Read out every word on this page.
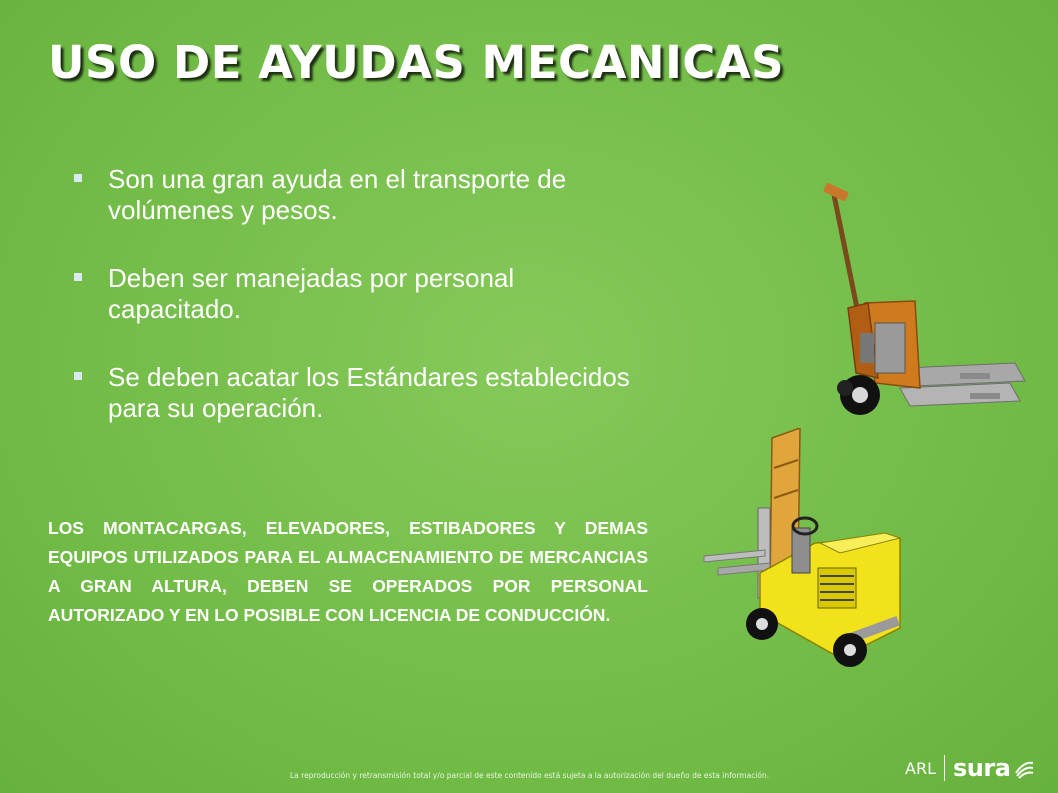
USO DE AYUDAS MECANICAS
Son una gran ayuda en el transporte de volúmenes y pesos.
Deben ser manejadas por personal capacitado.
Se deben acatar los Estándares establecidos para su operación.

LOS MONTACARGAS, ELEVADORES, ESTIBADORES Y DEMAS EQUIPOS UTILIZADOS PARA EL ALMACENAMIENTO DE MERCANCIAS A GRAN ALTURA, DEBEN SE OPERADOS POR PERSONAL AUTORIZADO Y EN LO POSIBLE CON LICENCIA DE CONDUCCIÓN.

La reproducción y retransmisión total y/o parcial de este contenido está sujeta a la autorización del dueño de esta información.	ARL sura
